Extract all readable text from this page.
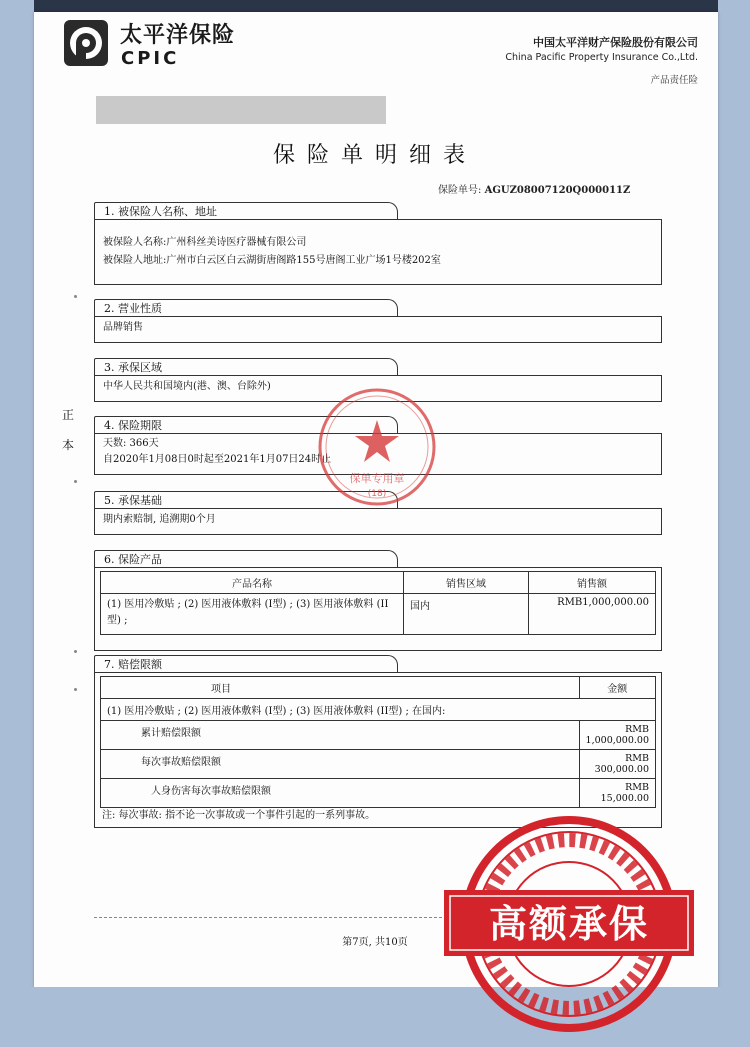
太平洋保险
CPIC
中国太平洋财产保险股份有限公司
China Pacific Property Insurance Co.,Ltd.
产品责任险
保险单明细表
保险单号: AGUZ08007120Q000011Z
正
本
1. 被保险人名称、地址
被保险人名称:广州科丝美诗医疗器械有限公司
被保险人地址:广州市白云区白云湖街唐阁路155号唐阁工业广场1号楼202室
2. 营业性质
品牌销售
3. 承保区域
中华人民共和国境内(港、澳、台除外)
4. 保险期限
天数: 366天
自2020年1月08日0时起至2021年1月07日24时止
5. 承保基础
期内索赔制, 追溯期0个月
6. 保险产品
产品名称	销售区域	销售额
(1) 医用冷敷贴 ; (2) 医用液体敷料 (I型) ; (3) 医用液体敷料 (II型) ;	国内	RMB1,000,000.00
7. 赔偿限额
项目	金额
(1) 医用冷敷贴 ; (2) 医用液体敷料 (I型) ; (3) 医用液体敷料 (II型) ; 在国内:	
累计赔偿限额	RMB 1,000,000.00
每次事故赔偿限额	RMB 300,000.00
人身伤害每次事故赔偿限额	RMB 15,000.00
注: 每次事故: 指不论一次事故或一个事件引起的一系列事故。
保单专用章
(18)
第7页, 共10页	高额承保
